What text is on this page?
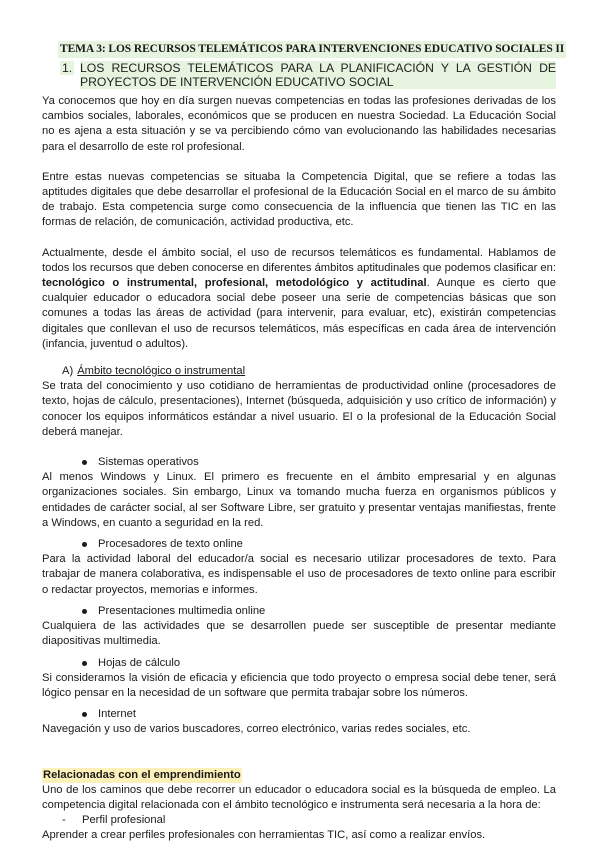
TEMA 3: LOS RECURSOS TELEMÁTICOS PARA INTERVENCIONES EDUCATIVO SOCIALES II
1. LOS RECURSOS TELEMÁTICOS PARA LA PLANIFICACIÓN Y LA GESTIÓN DE PROYECTOS DE INTERVENCIÓN EDUCATIVO SOCIAL

Ya conocemos que hoy en día surgen nuevas competencias en todas las profesiones derivadas de los cambios sociales, laborales, económicos que se producen en nuestra Sociedad. La Educación Social no es ajena a esta situación y se va percibiendo cómo van evolucionando las habilidades necesarias para el desarrollo de este rol profesional.

Entre estas nuevas competencias se situaba la Competencia Digital, que se refiere a todas las aptitudes digitales que debe desarrollar el profesional de la Educación Social en el marco de su ámbito de trabajo. Esta competencia surge como consecuencia de la influencia que tienen las TIC en las formas de relación, de comunicación, actividad productiva, etc.

Actualmente, desde el ámbito social, el uso de recursos telemáticos es fundamental. Hablamos de todos los recursos que deben conocerse en diferentes ámbitos aptitudinales que podemos clasificar en: tecnológico o instrumental, profesional, metodológico y actitudinal. Aunque es cierto que cualquier educador o educadora social debe poseer una serie de competencias básicas que son comunes a todas las áreas de actividad (para intervenir, para evaluar, etc), existirán competencias digitales que conllevan el uso de recursos telemáticos, más específicas en cada área de intervención (infancia, juventud o adultos).

A) Ámbito tecnológico o instrumental

Se trata del conocimiento y uso cotidiano de herramientas de productividad online (procesadores de texto, hojas de cálculo, presentaciones), Internet (búsqueda, adquisición y uso crítico de información) y conocer los equipos informáticos estándar a nivel usuario. El o la profesional de la Educación Social deberá manejar.

Sistemas operativos

Al menos Windows y Linux. El primero es frecuente en el ámbito empresarial y en algunas organizaciones sociales. Sin embargo, Linux va tomando mucha fuerza en organismos públicos y entidades de carácter social, al ser Software Libre, ser gratuito y presentar ventajas manifiestas, frente a Windows, en cuanto a seguridad en la red.

Procesadores de texto online

Para la actividad laboral del educador/a social es necesario utilizar procesadores de texto. Para trabajar de manera colaborativa, es indispensable el uso de procesadores de texto online para escribir o redactar proyectos, memorias e informes.

Presentaciones multimedia online

Cualquiera de las actividades que se desarrollen puede ser susceptible de presentar mediante diapositivas multimedia.

Hojas de cálculo

Si consideramos la visión de eficacia y eficiencia que todo proyecto o empresa social debe tener, será lógico pensar en la necesidad de un software que permita trabajar sobre los números.

Internet

Navegación y uso de varios buscadores, correo electrónico, varias redes sociales, etc.

Relacionadas con el emprendimiento

Uno de los caminos que debe recorrer un educador o educadora social es la búsqueda de empleo. La competencia digital relacionada con el ámbito tecnológico e instrumenta será necesaria a la hora de:

- Perfil profesional

Aprender a crear perfiles profesionales con herramientas TIC, así como a realizar envíos.
